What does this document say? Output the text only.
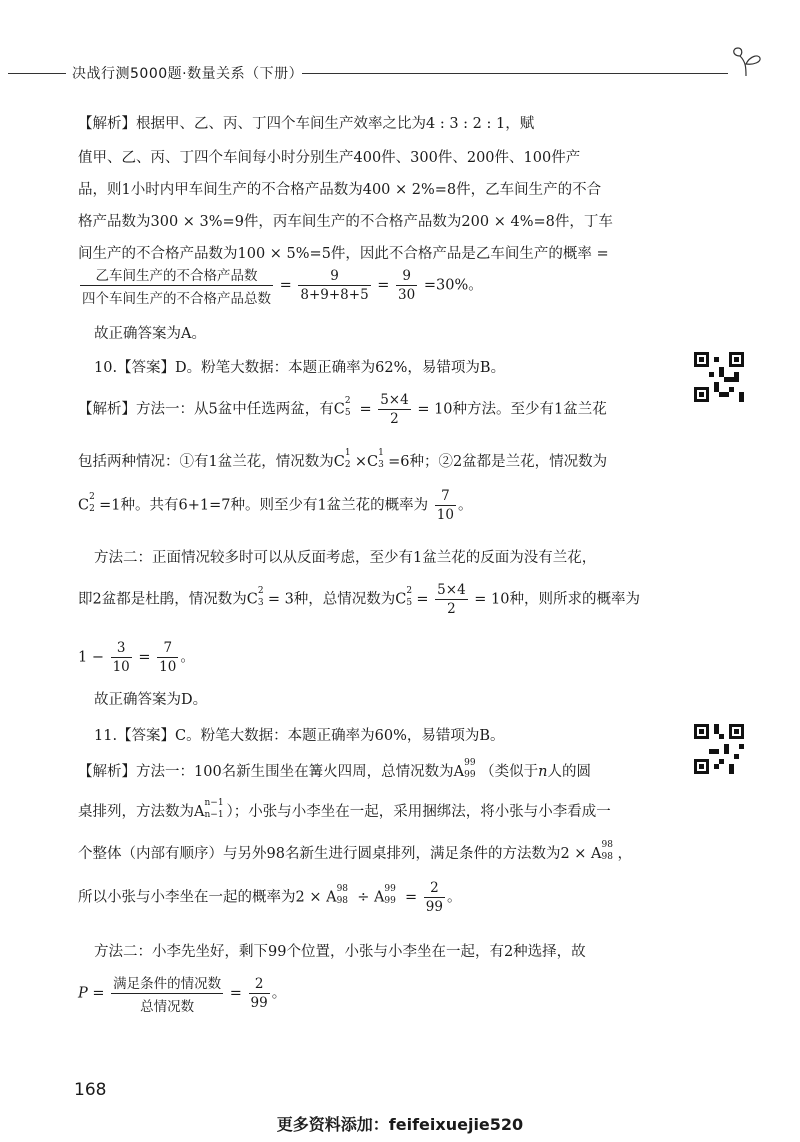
决战行测5000题·数量关系（下册）
【解析】根据甲、乙、丙、丁四个车间生产效率之比为4 : 3 : 2 : 1，赋
值甲、乙、丙、丁四个车间每小时分别生产400件、300件、200件、100件产
品，则1小时内甲车间生产的不合格产品数为400 × 2%=8件，乙车间生产的不合
格产品数为300 × 3%=9件，丙车间生产的不合格产品数为200 × 4%=8件，丁车
间生产的不合格产品数为100 × 5%=5件，因此不合格产品是乙车间生产的概率 =
$\frac{\text{乙车间生产的不合格产品数}}{\text{四个车间生产的不合格产品总数}} = \frac{9}{8+9+8+5} = \frac{9}{30} =30\%$。
故正确答案为A。
10.【答案】D。粉笔大数据：本题正确率为62%，易错项为B。
【解析】方法一：从5盆中任选两盆，有C
2
$5 = \frac{5\times 4}{2} = 10$种方法。至少有1盆兰花
包括两种情况：①有1盆兰花，情况数为C
1
2 ×C
1
3 =6种；②2盆都是兰花，情况数为
C
2
2 =1种。共有6+1=7种。则至少有1盆兰花的概率为 $\frac{7}{10}$ 。
方法二：正面情况较多时可以从反面考虑，至少有1盆兰花的反面为没有兰花，
即2盆都是杜鹃，情况数为C
2
3 = 3种，总情况数为C
2
$5 = \frac{5\times 4}{2} = 10$种，则所求的概率为
$1 - \frac{3}{10} = \frac{7}{10}$ 。
故正确答案为D。
11.【答案】C。粉笔大数据：本题正确率为60%，易错项为B。
【解析】方法一：100名新生围坐在篝火四周，总情况数为A
99
99 （类似于n人的圆
桌排列，方法数为A
n−1
n−1 ）；小张与小李坐在一起，采用捆绑法，将小张与小李看成一
个整体（内部有顺序）与另外98名新生进行圆桌排列，满足条件的方法数为2 × A
98
98 ，
所以小张与小李坐在一起的概率为2 × A
98
98 ÷ A
99
$99 = \frac{2}{99}$ 。
方法二：小李先坐好，剩下99个位置，小张与小李坐在一起，有2种选择，故
$P = \frac{\text{满足条件的情况数}}{\text{总情况数}} = \frac{2}{99}$ 。
168
更多资料添加：feifeixuejie520
